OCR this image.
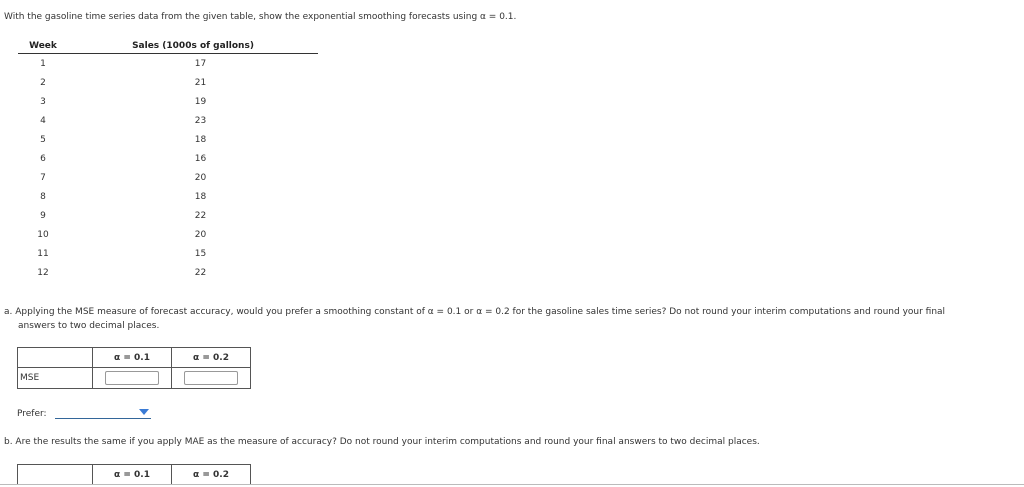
With the gasoline time series data from the given table, show the exponential smoothing forecasts using α = 0.1.
Week	Sales (1000s of gallons)
1	17
2	21
3	19
4	23
5	18
6	16
7	20
8	18
9	22
10	20
11	15
12	22
a. Applying the MSE measure of forecast accuracy, would you prefer a smoothing constant of α = 0.1 or α = 0.2 for the gasoline sales time series? Do not round your interim computations and round your final
answers to two decimal places.
	α = 0.1	α = 0.2
MSE		
Prefer:
b. Are the results the same if you apply MAE as the measure of accuracy? Do not round your interim computations and round your final answers to two decimal places.
	α = 0.1	α = 0.2
